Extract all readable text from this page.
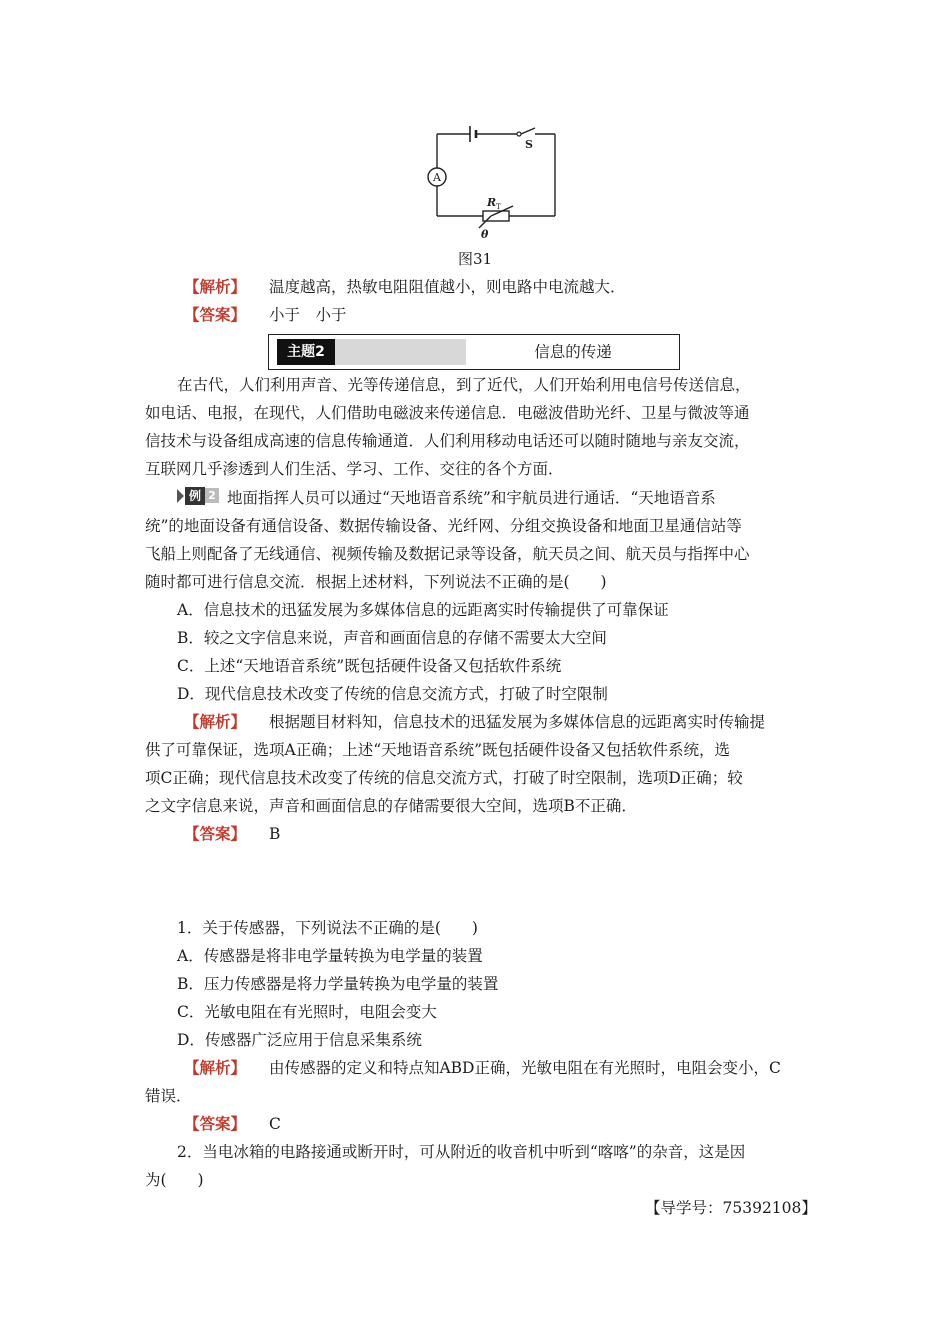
A
S
R T
θ
图31
【解析】 温度越高，热敏电阻阻值越小，则电路中电流越大．
【答案】 小于　小于
主题2	信息的传递
在古代，人们利用声音、光等传递信息，到了近代，人们开始利用电信号传送信息，
如电话、电报，在现代，人们借助电磁波来传递信息．电磁波借助光纤、卫星与微波等通
信技术与设备组成高速的信息传输通道．人们利用移动电话还可以随时随地与亲友交流，
互联网几乎渗透到人们生活、学习、工作、交往的各个方面．
例 2 地面指挥人员可以通过“天地语音系统”和宇航员进行通话．“天地语音系
统”的地面设备有通信设备、数据传输设备、光纤网、分组交换设备和地面卫星通信站等
飞船上则配备了无线通信、视频传输及数据记录等设备，航天员之间、航天员与指挥中心
随时都可进行信息交流．根据上述材料，下列说法不正确的是(　　)
A．信息技术的迅猛发展为多媒体信息的远距离实时传输提供了可靠保证
B．较之文字信息来说，声音和画面信息的存储不需要太大空间
C．上述“天地语音系统”既包括硬件设备又包括软件系统
D．现代信息技术改变了传统的信息交流方式，打破了时空限制
【解析】 根据题目材料知，信息技术的迅猛发展为多媒体信息的远距离实时传输提
供了可靠保证，选项A正确；上述“天地语音系统”既包括硬件设备又包括软件系统，选
项C正确；现代信息技术改变了传统的信息交流方式，打破了时空限制，选项D正确；较
之文字信息来说，声音和画面信息的存储需要很大空间，选项B不正确．
【答案】 B
1．关于传感器，下列说法不正确的是(　　)
A．传感器是将非电学量转换为电学量的装置
B．压力传感器是将力学量转换为电学量的装置
C．光敏电阻在有光照时，电阻会变大
D．传感器广泛应用于信息采集系统
【解析】 由传感器的定义和特点知ABD正确，光敏电阻在有光照时，电阻会变小，C
错误．
【答案】 C
2．当电冰箱的电路接通或断开时，可从附近的收音机中听到“喀喀”的杂音，这是因
为(　　)
【导学号：75392108】
